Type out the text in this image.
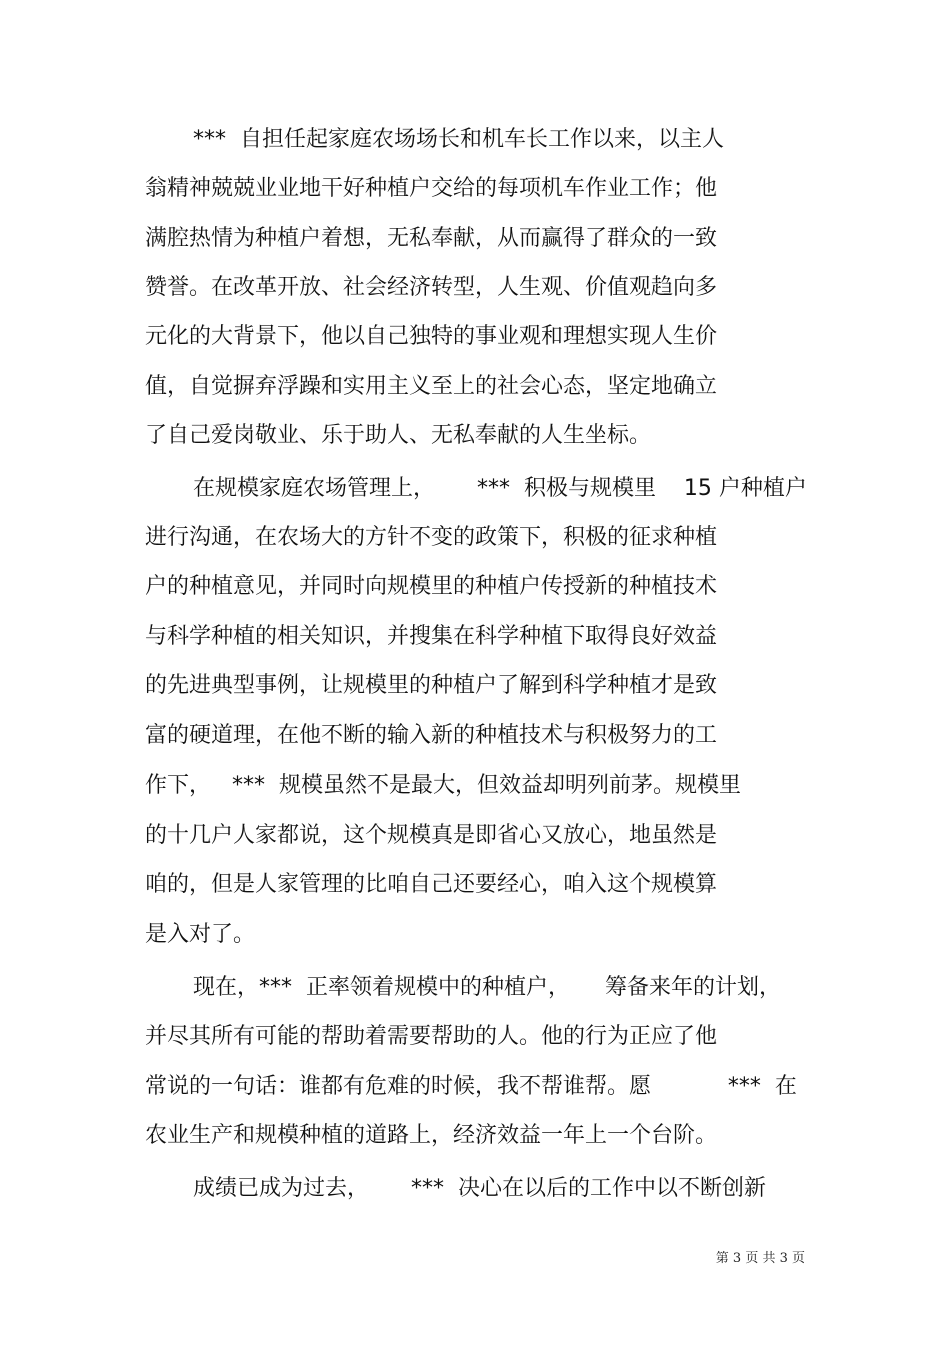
***  自担任起家庭农场场长和机车长工作以来，以主人
翁精神兢兢业业地干好种植户交给的每项机车作业工作；他
满腔热情为种植户着想，无私奉献，从而赢得了群众的一致
赞誉。在改革开放、社会经济转型，人生观、价值观趋向多
元化的大背景下，他以自己独特的事业观和理想实现人生价
值，自觉摒弃浮躁和实用主义至上的社会心态，坚定地确立
了自己爱岗敬业、乐于助人、无私奉献的人生坐标。
在规模家庭农场管理上，      ***  积极与规模里    15 户种植户
进行沟通，在农场大的方针不变的政策下，积极的征求种植
户的种植意见，并同时向规模里的种植户传授新的种植技术
与科学种植的相关知识，并搜集在科学种植下取得良好效益
的先进典型事例，让规模里的种植户了解到科学种植才是致
富的硬道理，在他不断的输入新的种植技术与积极努力的工
作下，   ***  规模虽然不是最大，但效益却明列前茅。规模里
的十几户人家都说，这个规模真是即省心又放心，地虽然是
咱的，但是人家管理的比咱自己还要经心，咱入这个规模算
是入对了。
现在，***  正率领着规模中的种植户，     筹备来年的计划，
并尽其所有可能的帮助着需要帮助的人。他的行为正应了他
常说的一句话：谁都有危难的时候，我不帮谁帮。愿           ***  在
农业生产和规模种植的道路上，经济效益一年上一个台阶。
成绩已成为过去，      ***  决心在以后的工作中以不断创新
第 3 页 共 3 页
